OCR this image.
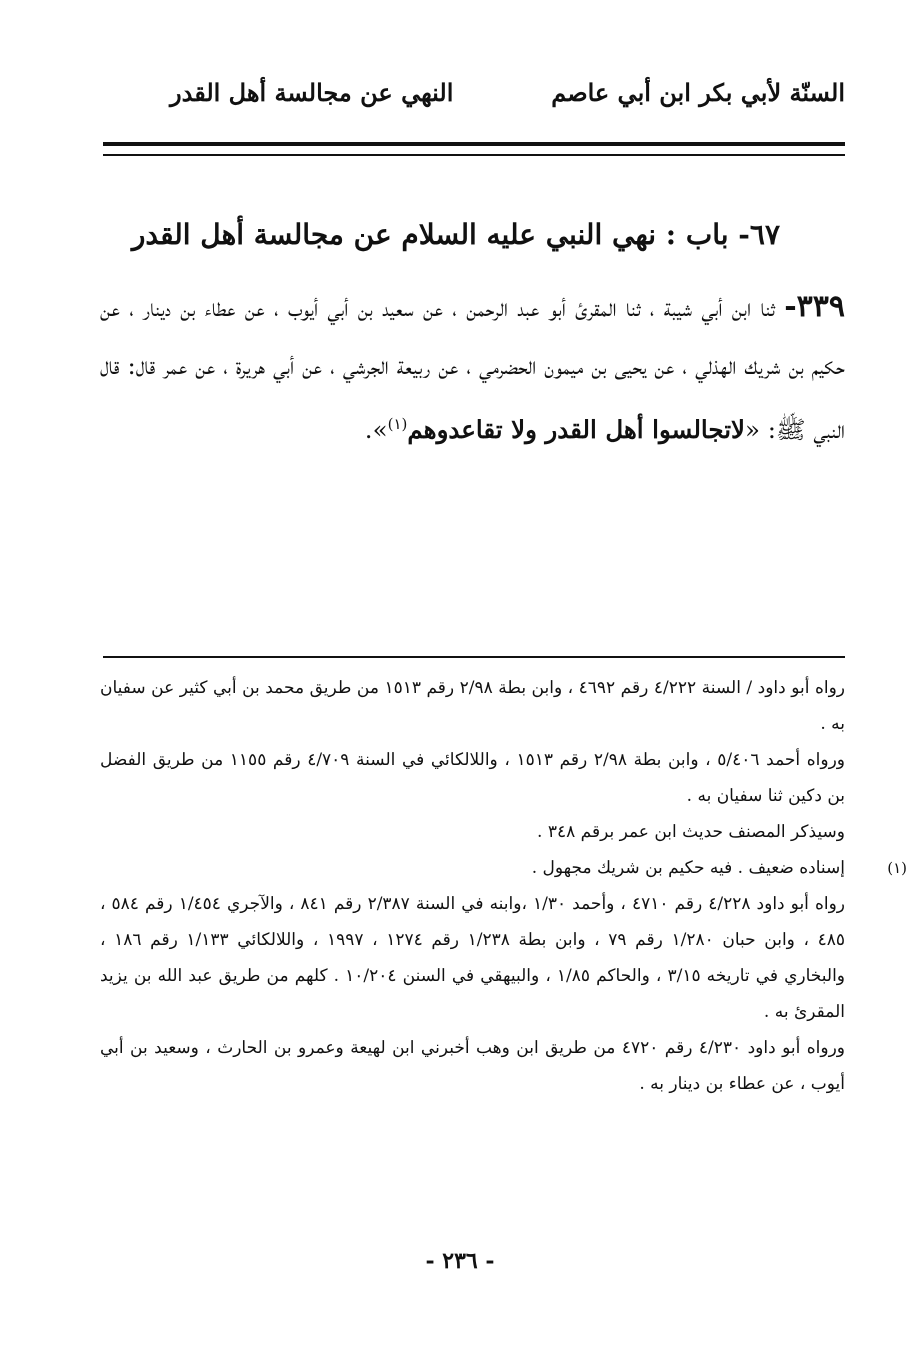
السنّة لأبي بكر ابن أبي عاصم
النهي عن مجالسة أهل القدر
٦٧- باب : نهي النبي عليه السلام عن مجالسة أهل القدر
٣٣٩- ثنا ابن أبي شيبة ، ثنا المقرئ أبو عبد الرحمن ، عن سعيد بن أبي أيوب ، عن عطاء بن دينار ، عن حكيم بن شريك الهذلي ، عن يحيى بن ميمون الحضرمي ، عن ربيعة الجرشي ، عن أبي هريرة ، عن عمر قال: قال النبي ﷺ: «لاتجالسوا أهل القدر ولا تقاعدوهم$^{(١)}$».
رواه أبو داود / السنة ٤/٢٢٢ رقم ٤٦٩٢ ، وابن بطة ٢/٩٨ رقم ١٥١٣ من طريق محمد بن أبي كثير عن سفيان به .
ورواه أحمد ٥/٤٠٦ ، وابن بطة ٢/٩٨ رقم ١٥١٣ ، واللالكائي في السنة ٤/٧٠٩ رقم ١١٥٥ من طريق الفضل بن دكين ثنا سفيان به .
وسيذكر المصنف حديث ابن عمر برقم ٣٤٨ .
(١)
إسناده ضعيف . فيه حكيم بن شريك مجهول .
رواه أبو داود ٤/٢٢٨ رقم ٤٧١٠ ، وأحمد ١/٣٠ ،وابنه في السنة ٢/٣٨٧ رقم ٨٤١ ، والآجري ١/٤٥٤ رقم ٥٨٤ ، ٤٨٥ ، وابن حبان ١/٢٨٠ رقم ٧٩ ، وابن بطة ١/٢٣٨ رقم ١٢٧٤ ، ١٩٩٧ ، واللالكائي ١/١٣٣ رقم ١٨٦ ، والبخاري في تاريخه ٣/١٥ ، والحاكم ١/٨٥ ، والبيهقي في السنن ١٠/٢٠٤ . كلهم من طريق عبد الله بن يزيد المقرئ به .
ورواه أبو داود ٤/٢٣٠ رقم ٤٧٢٠ من طريق ابن وهب أخبرني ابن لهيعة وعمرو بن الحارث ، وسعيد بن أبي أيوب ، عن عطاء بن دينار به .
- ٢٣٦ -
